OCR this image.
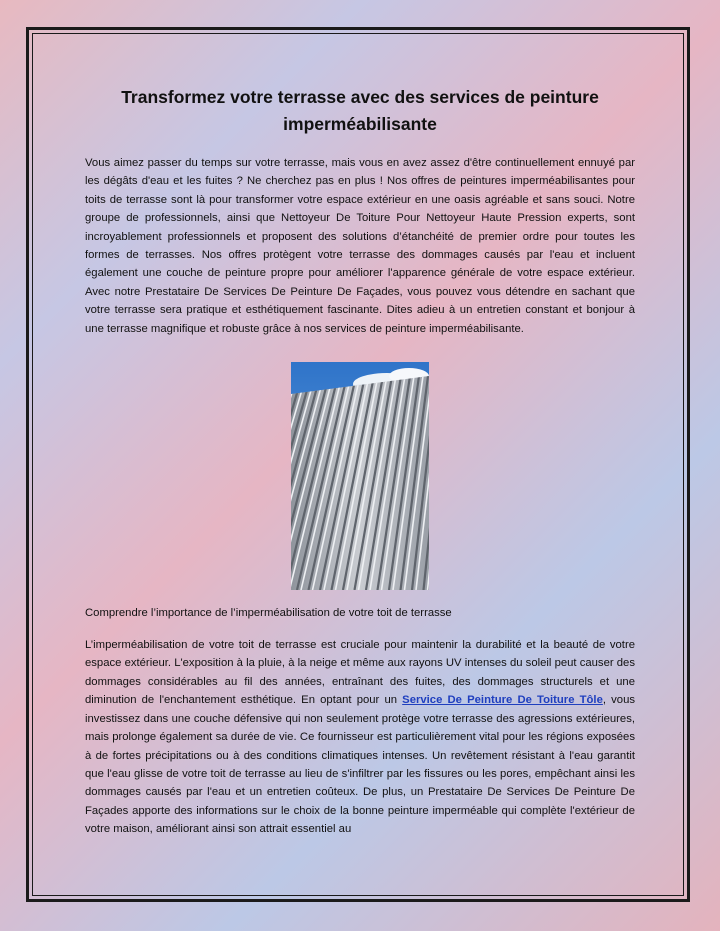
Transformez votre terrasse avec des services de peinture imperméabilisante

Vous aimez passer du temps sur votre terrasse, mais vous en avez assez d'être continuellement ennuyé par les dégâts d'eau et les fuites ? Ne cherchez pas en plus ! Nos offres de peintures imperméabilisantes pour toits de terrasse sont là pour transformer votre espace extérieur en une oasis agréable et sans souci. Notre groupe de professionnels, ainsi que Nettoyeur De Toiture Pour Nettoyeur Haute Pression experts, sont incroyablement professionnels et proposent des solutions d’étanchéité de premier ordre pour toutes les formes de terrasses. Nos offres protègent votre terrasse des dommages causés par l'eau et incluent également une couche de peinture propre pour améliorer l'apparence générale de votre espace extérieur. Avec notre Prestataire De Services De Peinture De Façades, vous pouvez vous détendre en sachant que votre terrasse sera pratique et esthétiquement fascinante. Dites adieu à un entretien constant et bonjour à une terrasse magnifique et robuste grâce à nos services de peinture imperméabilisante.

Comprendre l’importance de l’imperméabilisation de votre toit de terrasse

L’imperméabilisation de votre toit de terrasse est cruciale pour maintenir la durabilité et la beauté de votre espace extérieur. L'exposition à la pluie, à la neige et même aux rayons UV intenses du soleil peut causer des dommages considérables au fil des années, entraînant des fuites, des dommages structurels et une diminution de l'enchantement esthétique. En optant pour un Service De Peinture De Toiture Tôle, vous investissez dans une couche défensive qui non seulement protège votre terrasse des agressions extérieures, mais prolonge également sa durée de vie. Ce fournisseur est particulièrement vital pour les régions exposées à de fortes précipitations ou à des conditions climatiques intenses. Un revêtement résistant à l'eau garantit que l'eau glisse de votre toit de terrasse au lieu de s'infiltrer par les fissures ou les pores, empêchant ainsi les dommages causés par l'eau et un entretien coûteux. De plus, un Prestataire De Services De Peinture De Façades apporte des informations sur le choix de la bonne peinture imperméable qui complète l'extérieur de votre maison, améliorant ainsi son attrait essentiel au
